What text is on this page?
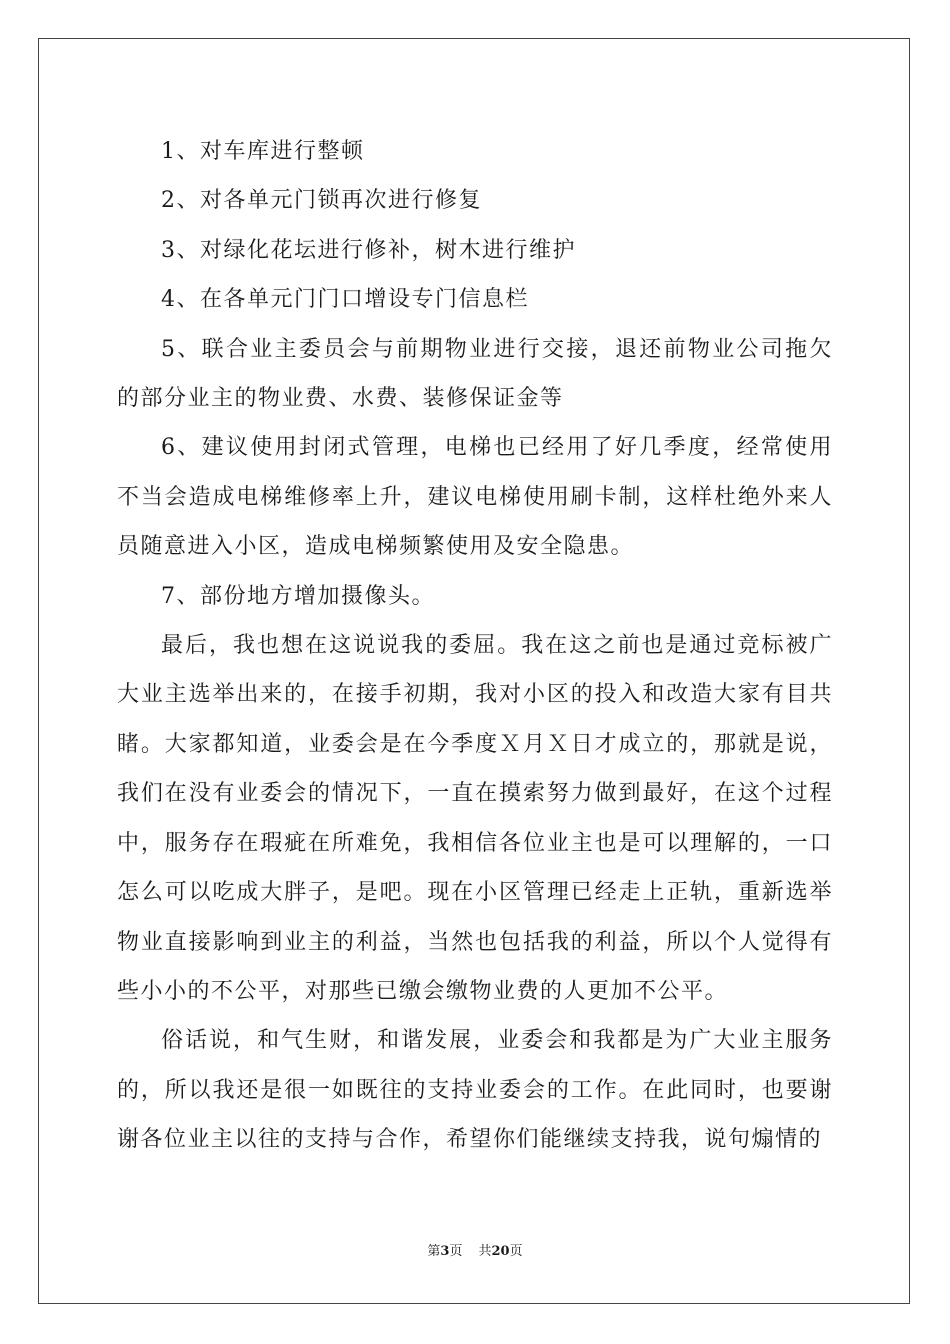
1、对车库进行整顿

2、对各单元门锁再次进行修复

3、对绿化花坛进行修补，树木进行维护

4、在各单元门门口增设专门信息栏

5、联合业主委员会与前期物业进行交接，退还前物业公司拖欠的部分业主的物业费、水费、装修保证金等

6、建议使用封闭式管理，电梯也已经用了好几季度，经常使用不当会造成电梯维修率上升，建议电梯使用刷卡制，这样杜绝外来人员随意进入小区，造成电梯频繁使用及安全隐患。

7、部份地方增加摄像头。

最后，我也想在这说说我的委屈。我在这之前也是通过竞标被广大业主选举出来的，在接手初期，我对小区的投入和改造大家有目共睹。大家都知道，业委会是在今季度Ｘ月Ｘ日才成立的，那就是说，我们在没有业委会的情况下，一直在摸索努力做到最好，在这个过程中，服务存在瑕疵在所难免，我相信各位业主也是可以理解的，一口怎么可以吃成大胖子，是吧。现在小区管理已经走上正轨，重新选举物业直接影响到业主的利益，当然也包括我的利益，所以个人觉得有些小小的不公平，对那些已缴会缴物业费的人更加不公平。

俗话说，和气生财，和谐发展，业委会和我都是为广大业主服务的，所以我还是很一如既往的支持业委会的工作。在此同时，也要谢谢各位业主以往的支持与合作，希望你们能继续支持我，说句煽情的

第3页 共20页
